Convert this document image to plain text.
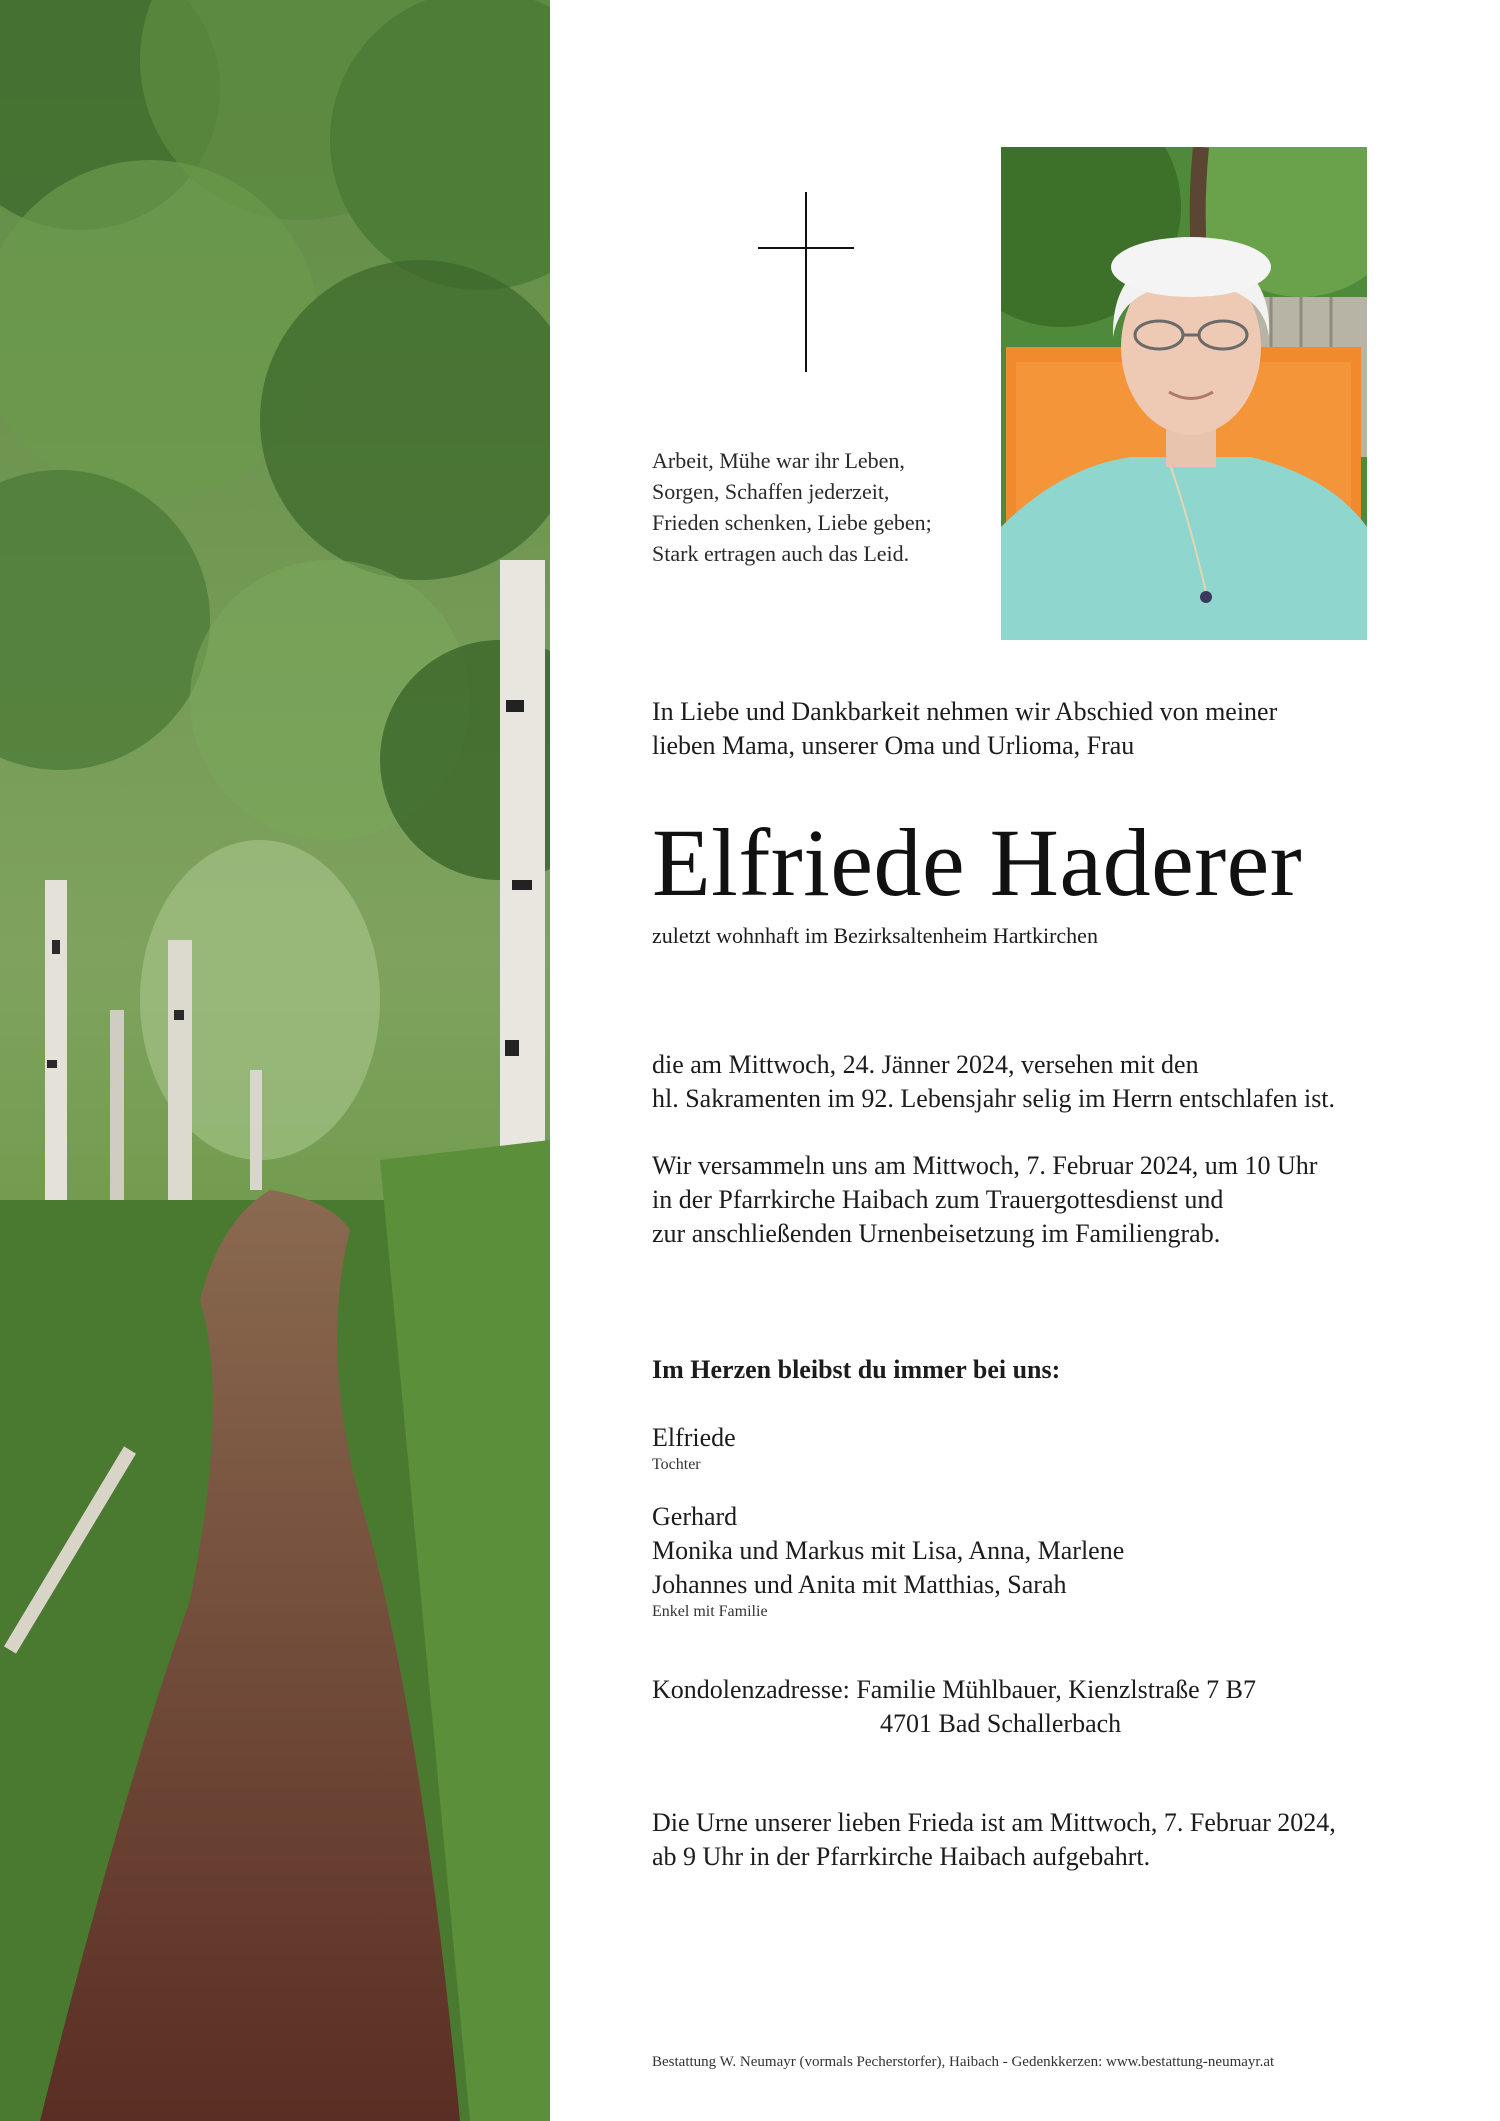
Arbeit, Mühe war ihr Leben,
Sorgen, Schaffen jederzeit,
Frieden schenken, Liebe geben;
Stark ertragen auch das Leid.
In Liebe und Dankbarkeit nehmen wir Abschied von meiner
lieben Mama, unserer Oma und Urlioma, Frau
Elfriede Haderer
zuletzt wohnhaft im Bezirksaltenheim Hartkirchen
die am Mittwoch, 24. Jänner 2024, versehen mit den
hl. Sakramenten im 92. Lebensjahr selig im Herrn entschlafen ist.
Wir versammeln uns am Mittwoch, 7. Februar 2024, um 10 Uhr
in der Pfarrkirche Haibach zum Trauergottesdienst und
zur anschließenden Urnenbeisetzung im Familiengrab.
Im Herzen bleibst du immer bei uns:
Elfriede
Tochter
Gerhard
Monika und Markus mit Lisa, Anna, Marlene
Johannes und Anita mit Matthias, Sarah
Enkel mit Familie
Kondolenzadresse: Familie Mühlbauer, Kienzlstraße 7 B7
4701 Bad Schallerbach
Die Urne unserer lieben Frieda ist am Mittwoch, 7. Februar 2024,
ab 9 Uhr in der Pfarrkirche Haibach aufgebahrt.
Bestattung W. Neumayr (vormals Pecherstorfer), Haibach - Gedenkkerzen: www.bestattung-neumayr.at
